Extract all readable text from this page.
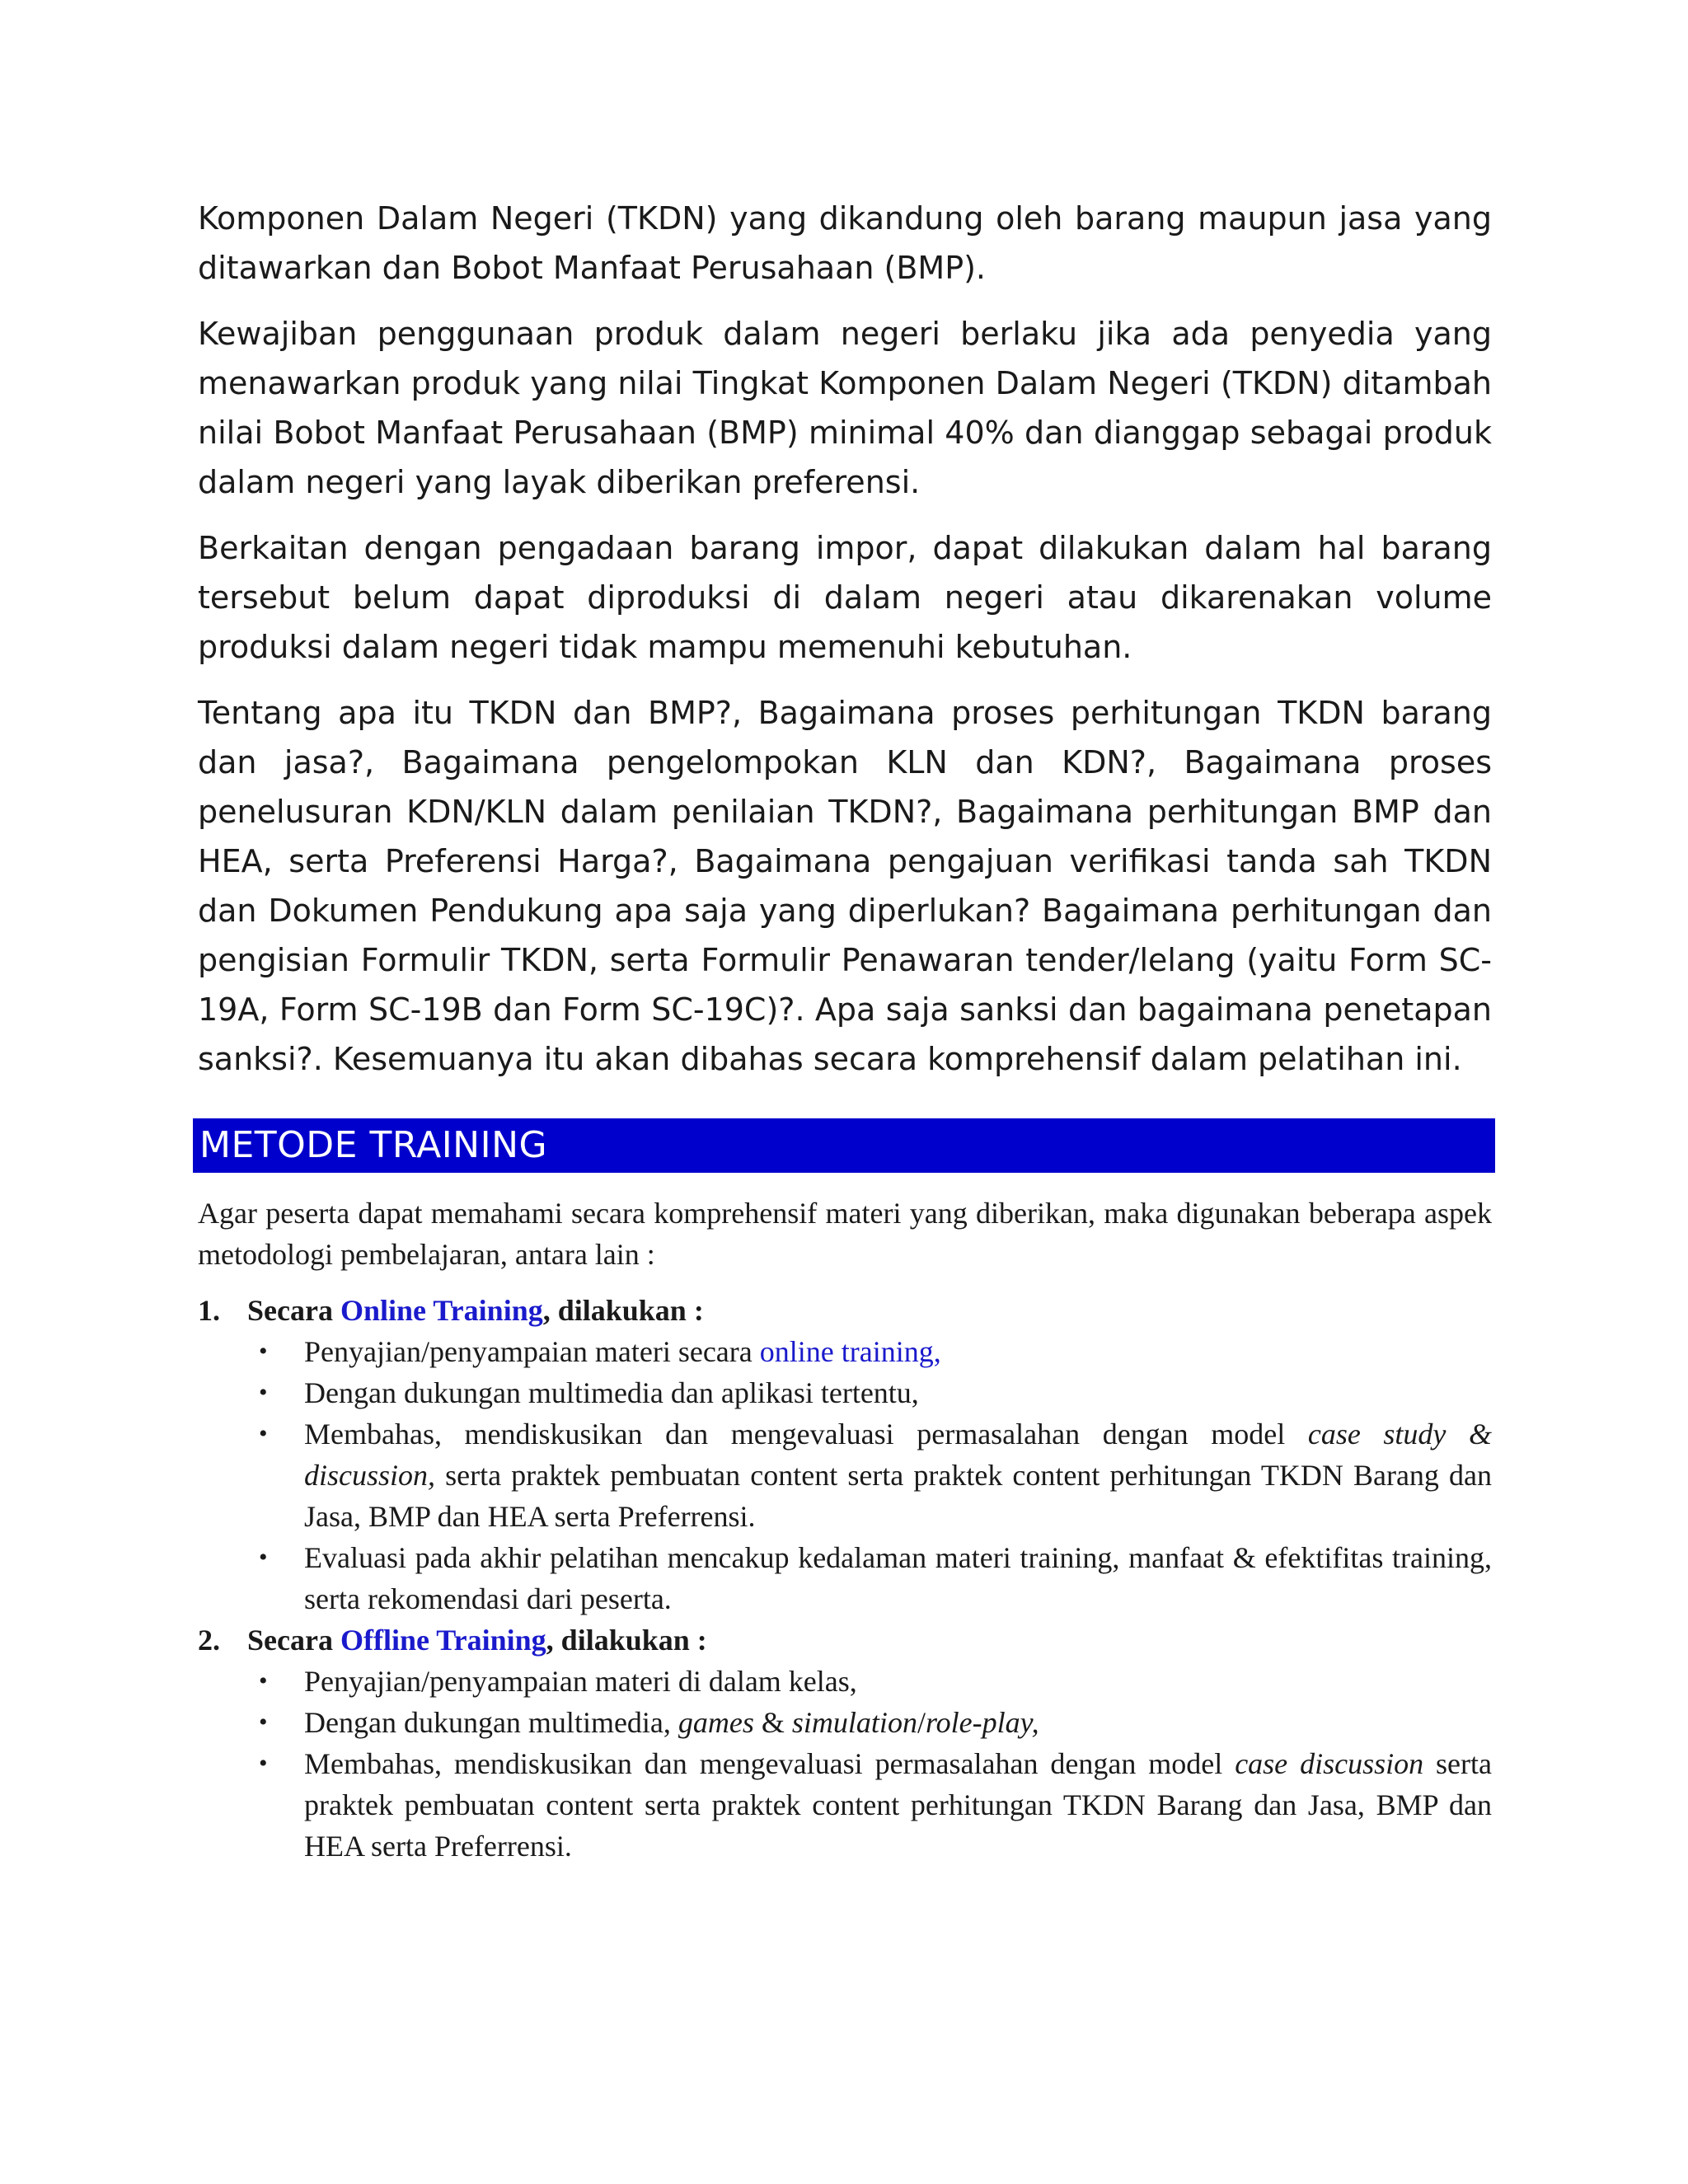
Komponen Dalam Negeri (TKDN) yang dikandung oleh barang maupun jasa yang ditawarkan dan Bobot Manfaat Perusahaan (BMP).

Kewajiban penggunaan produk dalam negeri berlaku jika ada penyedia yang menawarkan produk yang nilai Tingkat Komponen Dalam Negeri (TKDN) ditambah nilai Bobot Manfaat Perusahaan (BMP) minimal 40% dan dianggap sebagai produk dalam negeri yang layak diberikan preferensi.

Berkaitan dengan pengadaan barang impor, dapat dilakukan dalam hal barang tersebut belum dapat diproduksi di dalam negeri atau dikarenakan volume produksi dalam negeri tidak mampu memenuhi kebutuhan.

Tentang apa itu TKDN dan BMP?, Bagaimana proses perhitungan TKDN barang dan jasa?, Bagaimana pengelompokan KLN dan KDN?, Bagaimana proses penelusuran KDN/KLN dalam penilaian TKDN?, Bagaimana perhitungan BMP dan HEA, serta Preferensi Harga?, Bagaimana pengajuan verifikasi tanda sah TKDN dan Dokumen Pendukung apa saja yang diperlukan? Bagaimana perhitungan dan pengisian Formulir TKDN, serta Formulir Penawaran tender/lelang (yaitu Form SC-19A, Form SC-19B dan Form SC-19C)?. Apa saja sanksi dan bagaimana penetapan sanksi?. Kesemuanya itu akan dibahas secara komprehensif dalam pelatihan ini.

METODE TRAINING

Agar peserta dapat memahami secara komprehensif materi yang diberikan, maka digunakan beberapa aspek metodologi pembelajaran, antara lain :

1. Secara Online Training, dilakukan :
•	Penyajian/penyampaian materi secara online training,
•	Dengan dukungan multimedia dan aplikasi tertentu,
•	Membahas, mendiskusikan dan mengevaluasi permasalahan dengan model case study & discussion, serta praktek pembuatan content serta praktek content perhitungan TKDN Barang dan Jasa, BMP dan HEA serta Preferrensi.
•	Evaluasi pada akhir pelatihan mencakup kedalaman materi training, manfaat & efektifitas training, serta rekomendasi dari peserta.
2. Secara Offline Training, dilakukan :
•	Penyajian/penyampaian materi di dalam kelas,
•	Dengan dukungan multimedia, games & simulation/role-play,
•	Membahas, mendiskusikan dan mengevaluasi permasalahan dengan model case discussion serta praktek pembuatan content serta praktek content perhitungan TKDN Barang dan Jasa, BMP dan HEA serta Preferrensi.
